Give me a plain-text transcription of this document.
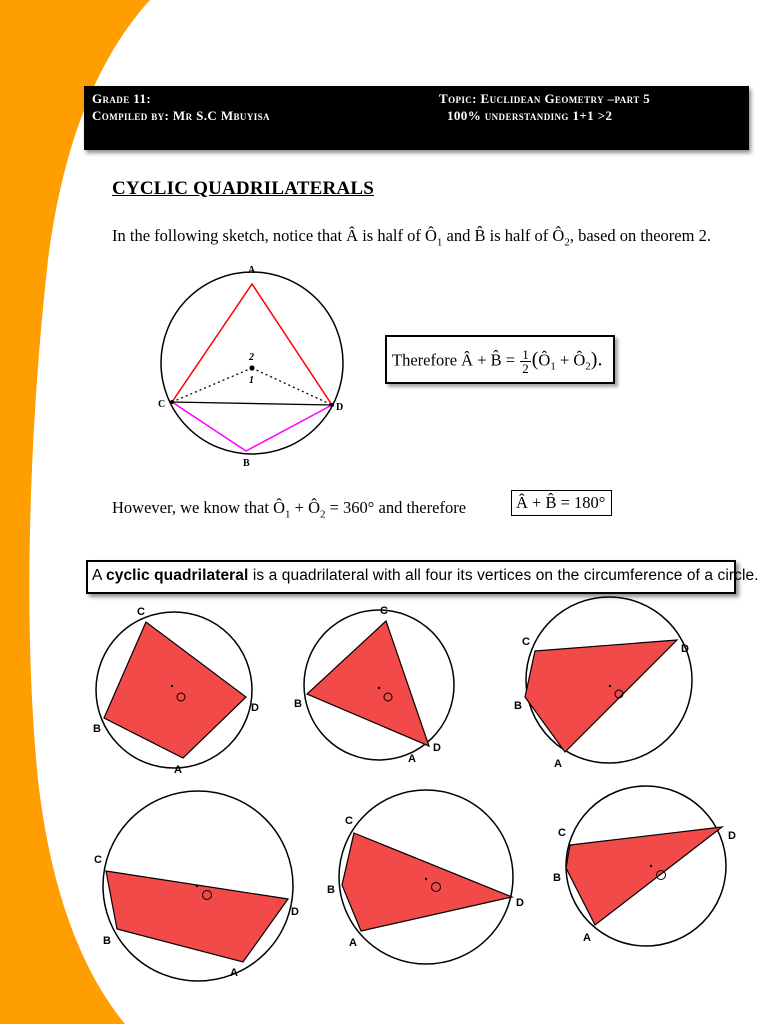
A
B
C	D
2
1
C
B
A
D
C
B
A
D
C
D
B
A
C
B
A
D
C
B
D
A
C	D
B
A
Grade 11:
Compiled by: Mr S.C Mbuyisa
Topic: Euclidean Geometry –part 5
100% understanding 1+1 >2
CYCLIC QUADRILATERALS
In the following sketch, notice that Â is half of $Ô_1$ and B̂ is half of $Ô_2$, based on theorem 2.
Therefore Â + B̂ = $\frac{1}{2}$ ($Ô_1$ + $Ô_2$).
However, we know that $Ô_1$ + $Ô_2 = 360^\circ$ and therefore	Â + B̂ = 180°
A cyclic quadrilateral is a quadrilateral with all four its vertices on the circumference of a circle.
